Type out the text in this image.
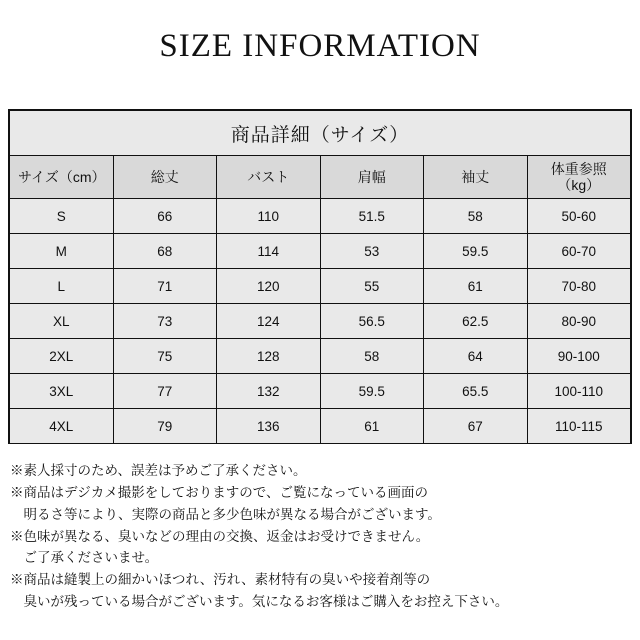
SIZE INFORMATION
商品詳細（サイズ）					
サイズ（cm）	総丈	バスト	肩幅	袖丈	体重参照
（kg）

S	66	110	51.5	58	50-60
M	68	114	53	59.5	60-70
L	71	120	55	61	70-80
XL	73	124	56.5	62.5	80-90
2XL	75	128	58	64	90-100
3XL	77	132	59.5	65.5	100-110
4XL	79	136	61	67	110-115
※素人採寸のため、誤差は予めご了承ください。
※商品はデジカメ撮影をしておりますので、ご覧になっている画面の
　明るさ等により、実際の商品と多少色味が異なる場合がございます。
※色味が異なる、臭いなどの理由の交換、返金はお受けできません。
　ご了承くださいませ。
※商品は縫製上の細かいほつれ、汚れ、素材特有の臭いや接着剤等の
　臭いが残っている場合がございます。気になるお客様はご購入をお控え下さい。
